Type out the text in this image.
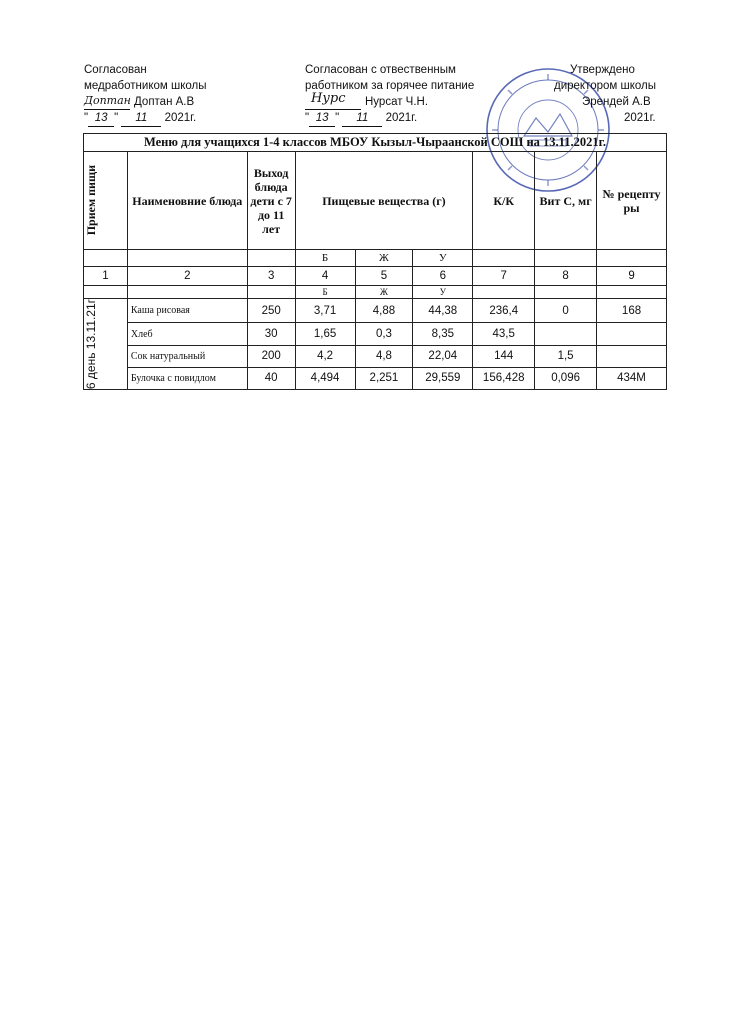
Согласован
медработником школы
Доптан Доптан А.В
" 13 " 11 2021г.
Согласован с отвественным
работником за горячее питание
Нурс Нурсат Ч.Н.
" 13 " 11 2021г.
Утверждено
директором школы
Эрендей А.В
2021г.
Меню для учащихся 1-4 классов МБОУ Кызыл-Чыраанской СОШ на 13.11.2021г.								

Прием пищи	Наименовние блюда	Выход блюда дети с 7 до 11 лет	Пищевые вещества (г)			К/К	Вит С, мг	№ рецепту ры
			Б	Ж	У			
1	2	3	4	5	6	7	8	9
			Б	Ж	У			

6 день 13.11.21г	Каша рисовая	250	3,71	4,88	44,38	236,4	0	168
	Хлеб	30	1,65	0,3	8,35	43,5		
	Сок натуральный	200	4,2	4,8	22,04	144	1,5	
	Булочка с повидлом	40	4,494	2,251	29,559	156,428	0,096	434М
